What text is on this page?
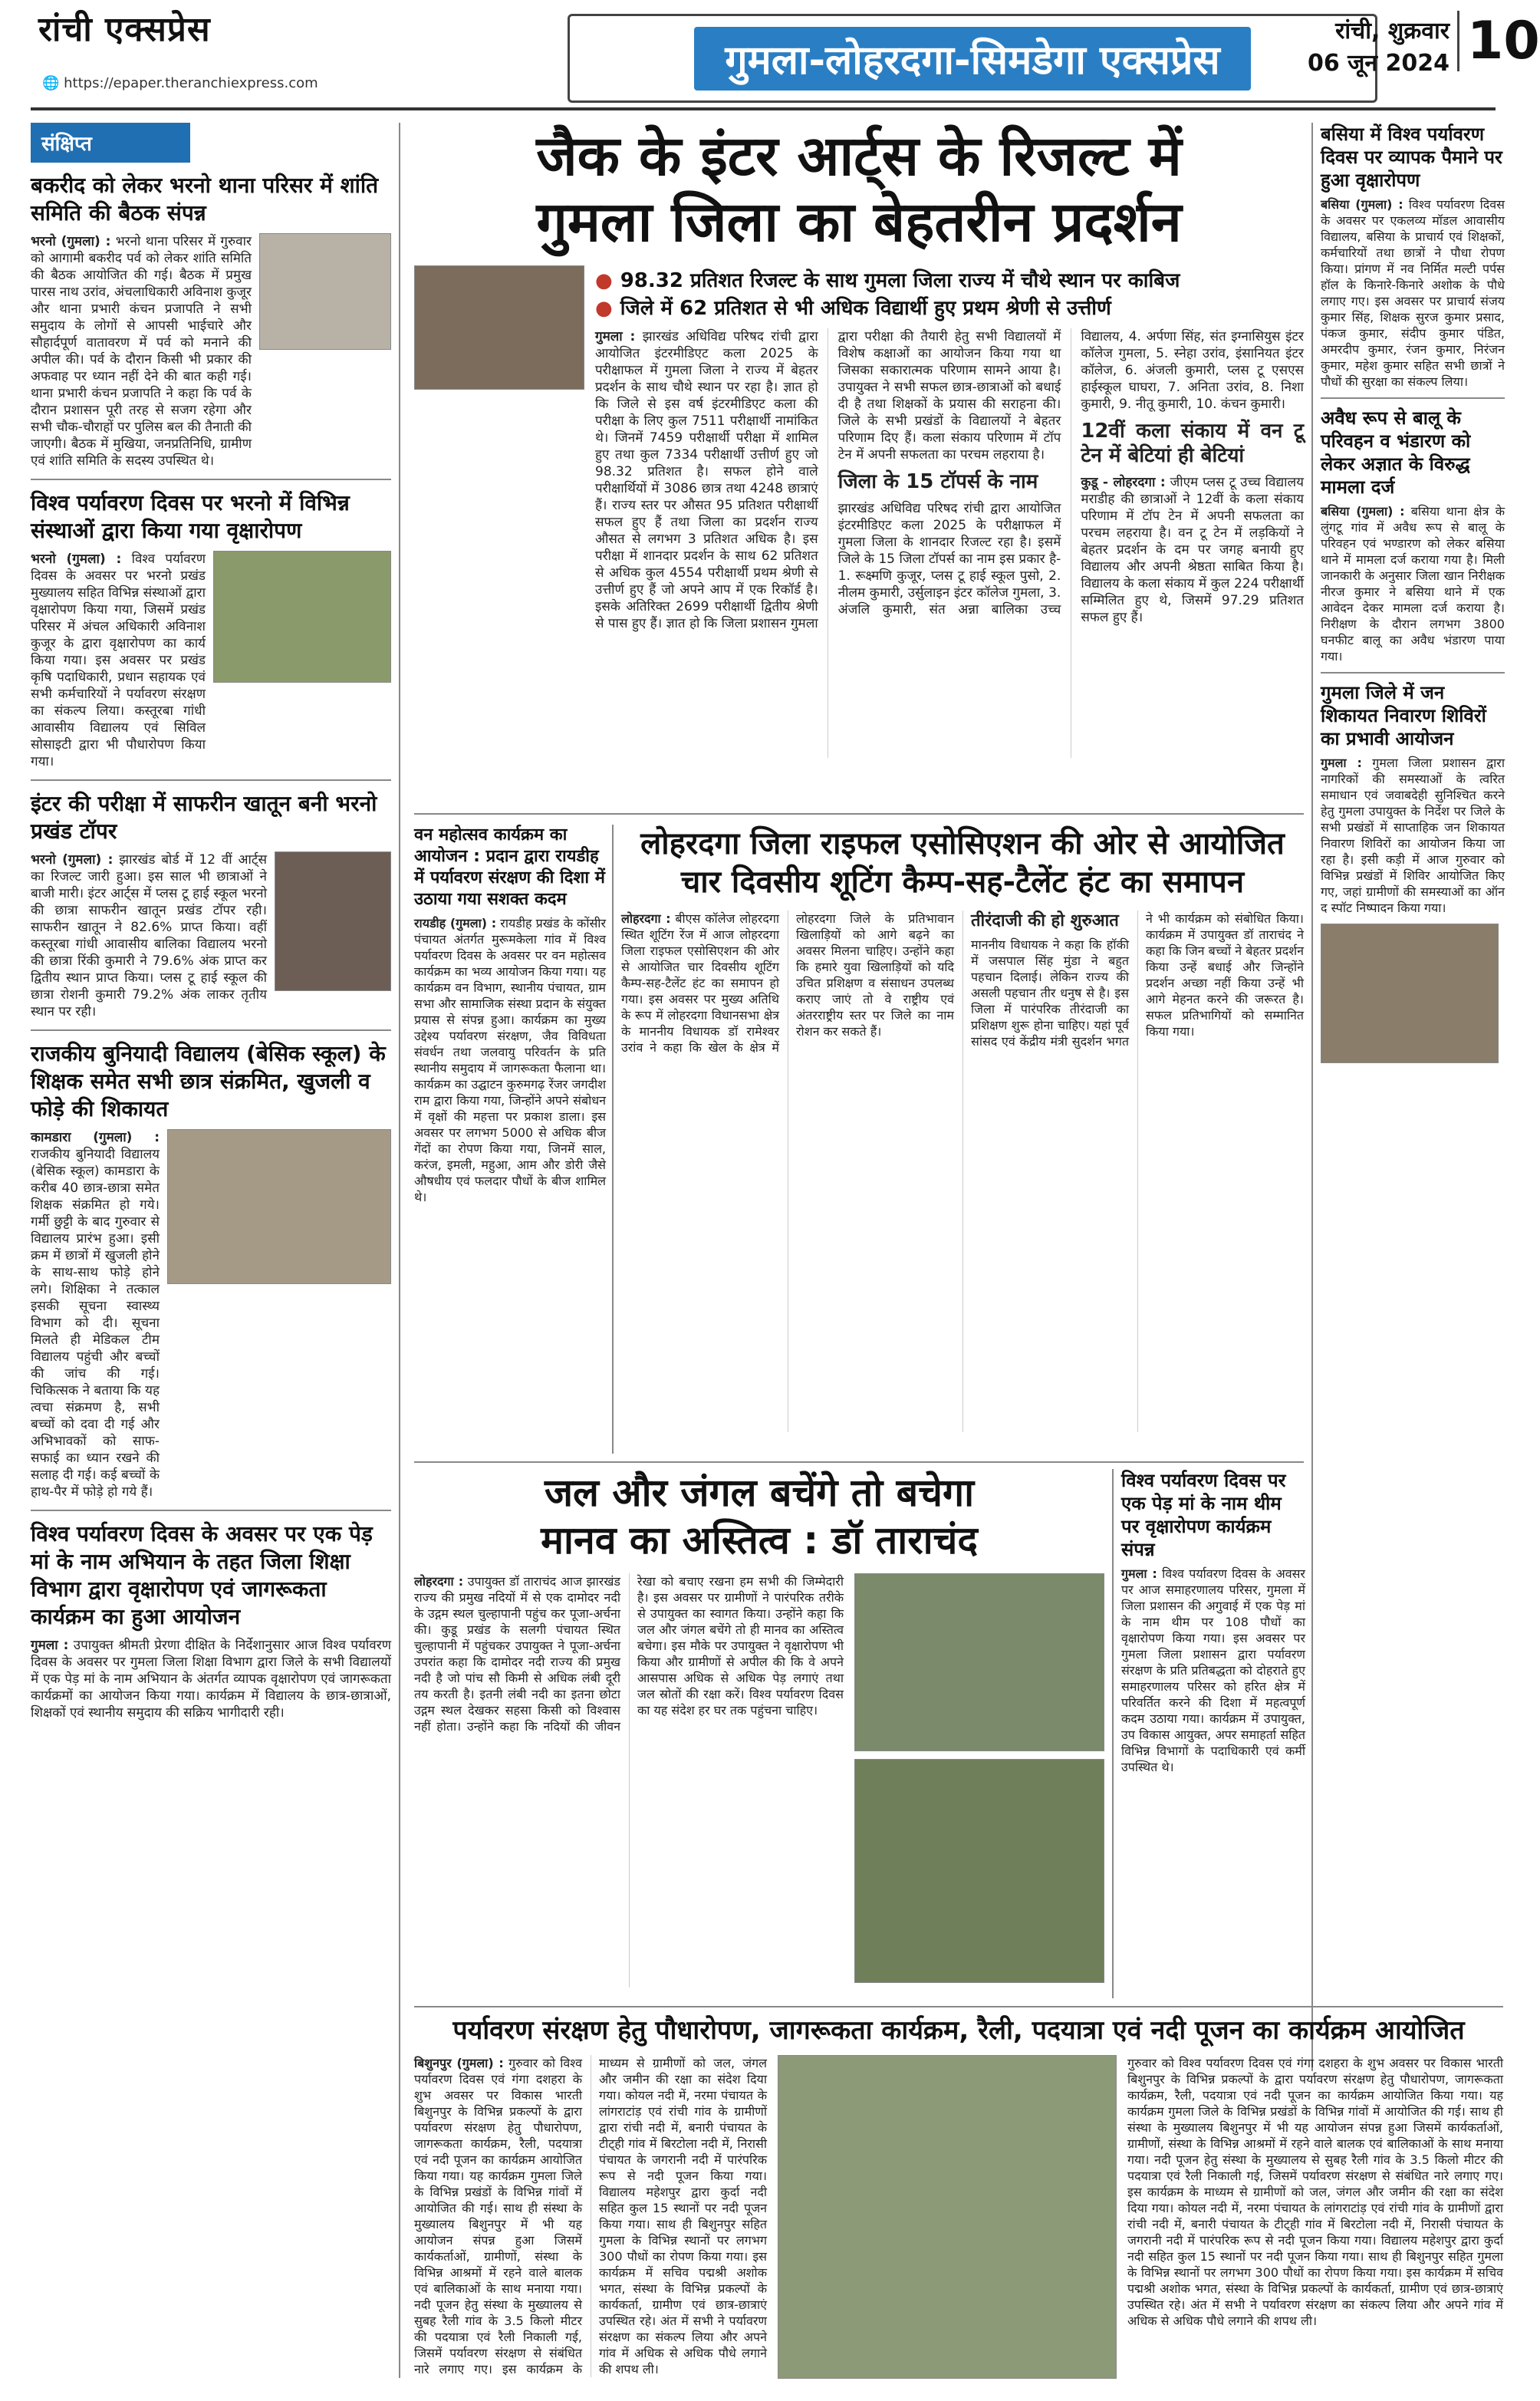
रांची एक्सप्रेस
🌐 https://epaper.theranchiexpress.com	गुमला-लोहरदगा-सिमडेगा एक्सप्रेस
रांची, शुक्रवार
06 जून 2024 10
संक्षिप्त
बकरीद को लेकर भरनो थाना परिसर में शांति समिति की बैठक संपन्न
भरनो (गुमला) : भरनो थाना परिसर में गुरुवार को आगामी बकरीद पर्व को लेकर शांति समिति की बैठक आयोजित की गई। बैठक में प्रमुख पारस नाथ उरांव, अंचलाधिकारी अविनाश कुजूर और थाना प्रभारी कंचन प्रजापति ने सभी समुदाय के लोगों से आपसी भाईचारे और सौहार्दपूर्ण वातावरण में पर्व को मनाने की अपील की। पर्व के दौरान किसी भी प्रकार की अफवाह पर ध्यान नहीं देने की बात कही गई। थाना प्रभारी कंचन प्रजापति ने कहा कि पर्व के दौरान प्रशासन पूरी तरह से सजग रहेगा और सभी चौक-चौराहों पर पुलिस बल की तैनाती की जाएगी। बैठक में मुखिया, जनप्रतिनिधि, ग्रामीण एवं शांति समिति के सदस्य उपस्थित थे।
विश्व पर्यावरण दिवस पर भरनो में विभिन्न संस्थाओं द्वारा किया गया वृक्षारोपण
भरनो (गुमला) : विश्व पर्यावरण दिवस के अवसर पर भरनो प्रखंड मुख्यालय सहित विभिन्न संस्थाओं द्वारा वृक्षारोपण किया गया, जिसमें प्रखंड परिसर में अंचल अधिकारी अविनाश कुजूर के द्वारा वृक्षारोपण का कार्य किया गया। इस अवसर पर प्रखंड कृषि पदाधिकारी, प्रधान सहायक एवं सभी कर्मचारियों ने पर्यावरण संरक्षण का संकल्प लिया। कस्तूरबा गांधी आवासीय विद्यालय एवं सिविल सोसाइटी द्वारा भी पौधारोपण किया गया।
इंटर की परीक्षा में साफरीन खातून बनी भरनो प्रखंड टॉपर
भरनो (गुमला) : झारखंड बोर्ड में 12 वीं आर्ट्स का रिजल्ट जारी हुआ। इस साल भी छात्राओं ने बाजी मारी। इंटर आर्ट्स में प्लस टू हाई स्कूल भरनो की छात्रा साफरीन खातून प्रखंड टॉपर रही। साफरीन खातून ने 82.6% प्राप्त किया। वहीं कस्तूरबा गांधी आवासीय बालिका विद्यालय भरनो की छात्रा रिंकी कुमारी ने 79.6% अंक प्राप्त कर द्वितीय स्थान प्राप्त किया। प्लस टू हाई स्कूल की छात्रा रोशनी कुमारी 79.2% अंक लाकर तृतीय स्थान पर रही।
राजकीय बुनियादी विद्यालय (बेसिक स्कूल) के शिक्षक समेत सभी छात्र संक्रमित, खुजली व फोड़े की शिकायत
कामडारा (गुमला) : राजकीय बुनियादी विद्यालय (बेसिक स्कूल) कामडारा के करीब 40 छात्र-छात्रा समेत शिक्षक संक्रमित हो गये। गर्मी छुट्टी के बाद गुरुवार से विद्यालय प्रारंभ हुआ। इसी क्रम में छात्रों में खुजली होने के साथ-साथ फोड़े होने लगे। शिक्षिका ने तत्काल इसकी सूचना स्वास्थ्य विभाग को दी। सूचना मिलते ही मेडिकल टीम विद्यालय पहुंची और बच्चों की जांच की गई। चिकित्सक ने बताया कि यह त्वचा संक्रमण है, सभी बच्चों को दवा दी गई और अभिभावकों को साफ-सफाई का ध्यान रखने की सलाह दी गई। कई बच्चों के हाथ-पैर में फोड़े हो गये हैं।
विश्व पर्यावरण दिवस के अवसर पर एक पेड़ मां के नाम अभियान के तहत जिला शिक्षा विभाग द्वारा वृक्षारोपण एवं जागरूकता कार्यक्रम का हुआ आयोजन
गुमला : उपायुक्त श्रीमती प्रेरणा दीक्षित के निर्देशानुसार आज विश्व पर्यावरण दिवस के अवसर पर गुमला जिला शिक्षा विभाग द्वारा जिले के सभी विद्यालयों में एक पेड़ मां के नाम अभियान के अंतर्गत व्यापक वृक्षारोपण एवं जागरूकता कार्यक्रमों का आयोजन किया गया। कार्यक्रम में विद्यालय के छात्र-छात्राओं, शिक्षकों एवं स्थानीय समुदाय की सक्रिय भागीदारी रही।
जैक के इंटर आर्ट्स के रिजल्ट में
गुमला जिला का बेहतरीन प्रदर्शन
● 98.32 प्रतिशत रिजल्ट के साथ गुमला जिला राज्य में चौथे स्थान पर काबिज
● जिले में 62 प्रतिशत से भी अधिक विद्यार्थी हुए प्रथम श्रेणी से उत्तीर्ण
गुमला : झारखंड अधिविद्य परिषद रांची द्वारा आयोजित इंटरमीडिएट कला 2025 के परीक्षाफल में गुमला जिला ने राज्य में बेहतर प्रदर्शन के साथ चौथे स्थान पर रहा है। ज्ञात हो कि जिले से इस वर्ष इंटरमीडिएट कला की परीक्षा के लिए कुल 7511 परीक्षार्थी नामांकित थे। जिनमें 7459 परीक्षार्थी परीक्षा में शामिल हुए तथा कुल 7334 परीक्षार्थी उत्तीर्ण हुए जो 98.32 प्रतिशत है। सफल होने वाले परीक्षार्थियों में 3086 छात्र तथा 4248 छात्राएं हैं। राज्य स्तर पर औसत 95 प्रतिशत परीक्षार्थी सफल हुए हैं तथा जिला का प्रदर्शन राज्य औसत से लगभग 3 प्रतिशत अधिक है। इस परीक्षा में शानदार प्रदर्शन के साथ 62 प्रतिशत से अधिक कुल 4554 परीक्षार्थी प्रथम श्रेणी से उत्तीर्ण हुए हैं जो अपने आप में एक रिकॉर्ड है। इसके अतिरिक्त 2699 परीक्षार्थी द्वितीय श्रेणी से पास हुए हैं। ज्ञात हो कि जिला प्रशासन गुमला द्वारा परीक्षा की तैयारी हेतु सभी विद्यालयों में विशेष कक्षाओं का आयोजन किया गया था जिसका सकारात्मक परिणाम सामने आया है। उपायुक्त ने सभी सफल छात्र-छात्राओं को बधाई दी है तथा शिक्षकों के प्रयास की सराहना की। जिले के सभी प्रखंडों के विद्यालयों ने बेहतर परिणाम दिए हैं। कला संकाय परिणाम में टॉप टेन में अपनी सफलता का परचम लहराया है।
जिला के 15 टॉपर्स के नाम
झारखंड अधिविद्य परिषद रांची द्वारा आयोजित इंटरमीडिएट कला 2025 के परीक्षाफल में गुमला जिला के शानदार रिजल्ट रहा है। इसमें जिले के 15 जिला टॉपर्स का नाम इस प्रकार है- 1. रूक्ष्मणि कुजूर, प्लस टू हाई स्कूल पुसो, 2. नीलम कुमारी, उर्सुलाइन इंटर कॉलेज गुमला, 3. अंजलि कुमारी, संत अन्ना बालिका उच्च विद्यालय, 4. अर्पणा सिंह, संत इग्नासियुस इंटर कॉलेज गुमला, 5. स्नेहा उरांव, इंसानियत इंटर कॉलेज, 6. अंजली कुमारी, प्लस टू एसएस हाईस्कूल घाघरा, 7. अनिता उरांव, 8. निशा कुमारी, 9. नीतू कुमारी, 10. कंचन कुमारी।
12वीं कला संकाय में वन टू टेन में बेटियां ही बेटियां
कुडू - लोहरदगा : जीएम प्लस टू उच्च विद्यालय मराडीह की छात्राओं ने 12वीं के कला संकाय परिणाम में टॉप टेन में अपनी सफलता का परचम लहराया है। वन टू टेन में लड़कियों ने बेहतर प्रदर्शन के दम पर जगह बनायी हुए विद्यालय और अपनी श्रेष्ठता साबित किया है। विद्यालय के कला संकाय में कुल 224 परीक्षार्थी सम्मिलित हुए थे, जिसमें 97.29 प्रतिशत सफल हुए हैं।
बसिया में विश्व पर्यावरण दिवस पर व्यापक पैमाने पर हुआ वृक्षारोपण
बसिया (गुमला) : विश्व पर्यावरण दिवस के अवसर पर एकलव्य मॉडल आवासीय विद्यालय, बसिया के प्राचार्य एवं शिक्षकों, कर्मचारियों तथा छात्रों ने पौधा रोपण किया। प्रांगण में नव निर्मित मल्टी पर्पस हॉल के किनारे-किनारे अशोक के पौधे लगाए गए। इस अवसर पर प्राचार्य संजय कुमार सिंह, शिक्षक सुरज कुमार प्रसाद, पंकज कुमार, संदीप कुमार पंडित, अमरदीप कुमार, रंजन कुमार, निरंजन कुमार, महेश कुमार सहित सभी छात्रों ने पौधों की सुरक्षा का संकल्प लिया।
अवैध रूप से बालू के परिवहन व भंडारण को लेकर अज्ञात के विरुद्ध मामला दर्ज
बसिया (गुमला) : बसिया थाना क्षेत्र के लुंगटू गांव में अवैध रूप से बालू के परिवहन एवं भण्डारण को लेकर बसिया थाने में मामला दर्ज कराया गया है। मिली जानकारी के अनुसार जिला खान निरीक्षक नीरज कुमार ने बसिया थाने में एक आवेदन देकर मामला दर्ज कराया है। निरीक्षण के दौरान लगभग 3800 घनफीट बालू का अवैध भंडारण पाया गया।
गुमला जिले में जन शिकायत निवारण शिविरों का प्रभावी आयोजन
गुमला : गुमला जिला प्रशासन द्वारा नागरिकों की समस्याओं के त्वरित समाधान एवं जवाबदेही सुनिश्चित करने हेतु गुमला उपायुक्त के निर्देश पर जिले के सभी प्रखंडों में साप्ताहिक जन शिकायत निवारण शिविरों का आयोजन किया जा रहा है। इसी कड़ी में आज गुरुवार को विभिन्न प्रखंडों में शिविर आयोजित किए गए, जहां ग्रामीणों की समस्याओं का ऑन द स्पॉट निष्पादन किया गया।
वन महोत्सव कार्यक्रम का आयोजन : प्रदान द्वारा रायडीह में पर्यावरण संरक्षण की दिशा में उठाया गया सशक्त कदम
रायडीह (गुमला) : रायडीह प्रखंड के कोंसीर पंचायत अंतर्गत मुरूमकेला गांव में विश्व पर्यावरण दिवस के अवसर पर वन महोत्सव कार्यक्रम का भव्य आयोजन किया गया। यह कार्यक्रम वन विभाग, स्थानीय पंचायत, ग्राम सभा और सामाजिक संस्था प्रदान के संयुक्त प्रयास से संपन्न हुआ। कार्यक्रम का मुख्य उद्देश्य पर्यावरण संरक्षण, जैव विविधता संवर्धन तथा जलवायु परिवर्तन के प्रति स्थानीय समुदाय में जागरूकता फैलाना था। कार्यक्रम का उद्घाटन कुरुमगढ़ रेंजर जगदीश राम द्वारा किया गया, जिन्होंने अपने संबोधन में वृक्षों की महत्ता पर प्रकाश डाला। इस अवसर पर लगभग 5000 से अधिक बीज गेंदों का रोपण किया गया, जिनमें साल, करंज, इमली, महुआ, आम और डोरी जैसे औषधीय एवं फलदार पौधों के बीज शामिल थे।
लोहरदगा जिला राइफल एसोसिएशन की ओर से आयोजित
चार दिवसीय शूटिंग कैम्प-सह-टैलेंट हंट का समापन
लोहरदगा : बीएस कॉलेज लोहरदगा स्थित शूटिंग रेंज में आज लोहरदगा जिला राइफल एसोसिएशन की ओर से आयोजित चार दिवसीय शूटिंग कैम्प-सह-टैलेंट हंट का समापन हो गया। इस अवसर पर मुख्य अतिथि के रूप में लोहरदगा विधानसभा क्षेत्र के माननीय विधायक डॉ रामेश्वर उरांव ने कहा कि खेल के क्षेत्र में लोहरदगा जिले के प्रतिभावान खिलाड़ियों को आगे बढ़ने का अवसर मिलना चाहिए। उन्होंने कहा कि हमारे युवा खिलाड़ियों को यदि उचित प्रशिक्षण व संसाधन उपलब्ध कराए जाएं तो वे राष्ट्रीय एवं अंतरराष्ट्रीय स्तर पर जिले का नाम रोशन कर सकते हैं।
तीरंदाजी की हो शुरुआत
माननीय विधायक ने कहा कि हॉकी में जसपाल सिंह मुंडा ने बहुत पहचान दिलाई। लेकिन राज्य की असली पहचान तीर धनुष से है। इस जिला में पारंपरिक तीरंदाजी का प्रशिक्षण शुरू होना चाहिए। यहां पूर्व सांसद एवं केंद्रीय मंत्री सुदर्शन भगत ने भी कार्यक्रम को संबोधित किया। कार्यक्रम में उपायुक्त डॉ ताराचंद ने कहा कि जिन बच्चों ने बेहतर प्रदर्शन किया उन्हें बधाई और जिन्होंने प्रदर्शन अच्छा नहीं किया उन्हें भी आगे मेहनत करने की जरूरत है। सफल प्रतिभागियों को सम्मानित किया गया।
जल और जंगल बचेंगे तो बचेगा
मानव का अस्तित्व : डॉ ताराचंद
लोहरदगा : उपायुक्त डॉ ताराचंद आज झारखंड राज्य की प्रमुख नदियों में से एक दामोदर नदी के उद्गम स्थल चुल्हापानी पहुंच कर पूजा-अर्चना की। कुडू प्रखंड के सलगी पंचायत स्थित चुल्हापानी में पहुंचकर उपायुक्त ने पूजा-अर्चना उपरांत कहा कि दामोदर नदी राज्य की प्रमुख नदी है जो पांच सौ किमी से अधिक लंबी दूरी तय करती है। इतनी लंबी नदी का इतना छोटा उद्गम स्थल देखकर सहसा किसी को विश्वास नहीं होता। उन्होंने कहा कि नदियों की जीवन रेखा को बचाए रखना हम सभी की जिम्मेदारी है। इस अवसर पर ग्रामीणों ने पारंपरिक तरीके से उपायुक्त का स्वागत किया। उन्होंने कहा कि जल और जंगल बचेंगे तो ही मानव का अस्तित्व बचेगा। इस मौके पर उपायुक्त ने वृक्षारोपण भी किया और ग्रामीणों से अपील की कि वे अपने आसपास अधिक से अधिक पेड़ लगाएं तथा जल स्रोतों की रक्षा करें। विश्व पर्यावरण दिवस का यह संदेश हर घर तक पहुंचना चाहिए।
विश्व पर्यावरण दिवस पर एक पेड़ मां के नाम थीम पर वृक्षारोपण कार्यक्रम संपन्न
गुमला : विश्व पर्यावरण दिवस के अवसर पर आज समाहरणालय परिसर, गुमला में जिला प्रशासन की अगुवाई में एक पेड़ मां के नाम थीम पर 108 पौधों का वृक्षारोपण किया गया। इस अवसर पर गुमला जिला प्रशासन द्वारा पर्यावरण संरक्षण के प्रति प्रतिबद्धता को दोहराते हुए समाहरणालय परिसर को हरित क्षेत्र में परिवर्तित करने की दिशा में महत्वपूर्ण कदम उठाया गया। कार्यक्रम में उपायुक्त, उप विकास आयुक्त, अपर समाहर्ता सहित विभिन्न विभागों के पदाधिकारी एवं कर्मी उपस्थित थे।
पर्यावरण संरक्षण हेतु पौधारोपण, जागरूकता कार्यक्रम, रैली, पदयात्रा एवं नदी पूजन का कार्यक्रम आयोजित
बिशुनपुर (गुमला) : गुरुवार को विश्व पर्यावरण दिवस एवं गंगा दशहरा के शुभ अवसर पर विकास भारती बिशुनपुर के विभिन्न प्रकल्पों के द्वारा पर्यावरण संरक्षण हेतु पौधारोपण, जागरूकता कार्यक्रम, रैली, पदयात्रा एवं नदी पूजन का कार्यक्रम आयोजित किया गया। यह कार्यक्रम गुमला जिले के विभिन्न प्रखंडों के विभिन्न गांवों में आयोजित की गई। साथ ही संस्था के मुख्यालय बिशुनपुर में भी यह आयोजन संपन्न हुआ जिसमें कार्यकर्ताओं, ग्रामीणों, संस्था के विभिन्न आश्रमों में रहने वाले बालक एवं बालिकाओं के साथ मनाया गया। नदी पूजन हेतु संस्था के मुख्यालय से सुबह रैली गांव के 3.5 किलो मीटर की पदयात्रा एवं रैली निकाली गई, जिसमें पर्यावरण संरक्षण से संबंधित नारे लगाए गए। इस कार्यक्रम के माध्यम से ग्रामीणों को जल, जंगल और जमीन की रक्षा का संदेश दिया गया। कोयल नदी में, नरमा पंचायत के लांगराटांड़ एवं रांची गांव के ग्रामीणों द्वारा रांची नदी में, बनारी पंचायत के टीट्ही गांव में बिरटोला नदी में, निरासी पंचायत के जगरानी नदी में पारंपरिक रूप से नदी पूजन किया गया। विद्यालय महेशपुर द्वारा कुर्दा नदी सहित कुल 15 स्थानों पर नदी पूजन किया गया। साथ ही बिशुनपुर सहित गुमला के विभिन्न स्थानों पर लगभग 300 पौधों का रोपण किया गया। इस कार्यक्रम में सचिव पद्मश्री अशोक भगत, संस्था के विभिन्न प्रकल्पों के कार्यकर्ता, ग्रामीण एवं छात्र-छात्राएं उपस्थित रहे। अंत में सभी ने पर्यावरण संरक्षण का संकल्प लिया और अपने गांव में अधिक से अधिक पौधे लगाने की शपथ ली।
गुरुवार को विश्व पर्यावरण दिवस एवं गंगा दशहरा के शुभ अवसर पर विकास भारती बिशुनपुर के विभिन्न प्रकल्पों के द्वारा पर्यावरण संरक्षण हेतु पौधारोपण, जागरूकता कार्यक्रम, रैली, पदयात्रा एवं नदी पूजन का कार्यक्रम आयोजित किया गया। यह कार्यक्रम गुमला जिले के विभिन्न प्रखंडों के विभिन्न गांवों में आयोजित की गई। साथ ही संस्था के मुख्यालय बिशुनपुर में भी यह आयोजन संपन्न हुआ जिसमें कार्यकर्ताओं, ग्रामीणों, संस्था के विभिन्न आश्रमों में रहने वाले बालक एवं बालिकाओं के साथ मनाया गया। नदी पूजन हेतु संस्था के मुख्यालय से सुबह रैली गांव के 3.5 किलो मीटर की पदयात्रा एवं रैली निकाली गई, जिसमें पर्यावरण संरक्षण से संबंधित नारे लगाए गए। इस कार्यक्रम के माध्यम से ग्रामीणों को जल, जंगल और जमीन की रक्षा का संदेश दिया गया। कोयल नदी में, नरमा पंचायत के लांगराटांड़ एवं रांची गांव के ग्रामीणों द्वारा रांची नदी में, बनारी पंचायत के टीट्ही गांव में बिरटोला नदी में, निरासी पंचायत के जगरानी नदी में पारंपरिक रूप से नदी पूजन किया गया। विद्यालय महेशपुर द्वारा कुर्दा नदी सहित कुल 15 स्थानों पर नदी पूजन किया गया। साथ ही बिशुनपुर सहित गुमला के विभिन्न स्थानों पर लगभग 300 पौधों का रोपण किया गया। इस कार्यक्रम में सचिव पद्मश्री अशोक भगत, संस्था के विभिन्न प्रकल्पों के कार्यकर्ता, ग्रामीण एवं छात्र-छात्राएं उपस्थित रहे। अंत में सभी ने पर्यावरण संरक्षण का संकल्प लिया और अपने गांव में अधिक से अधिक पौधे लगाने की शपथ ली।
